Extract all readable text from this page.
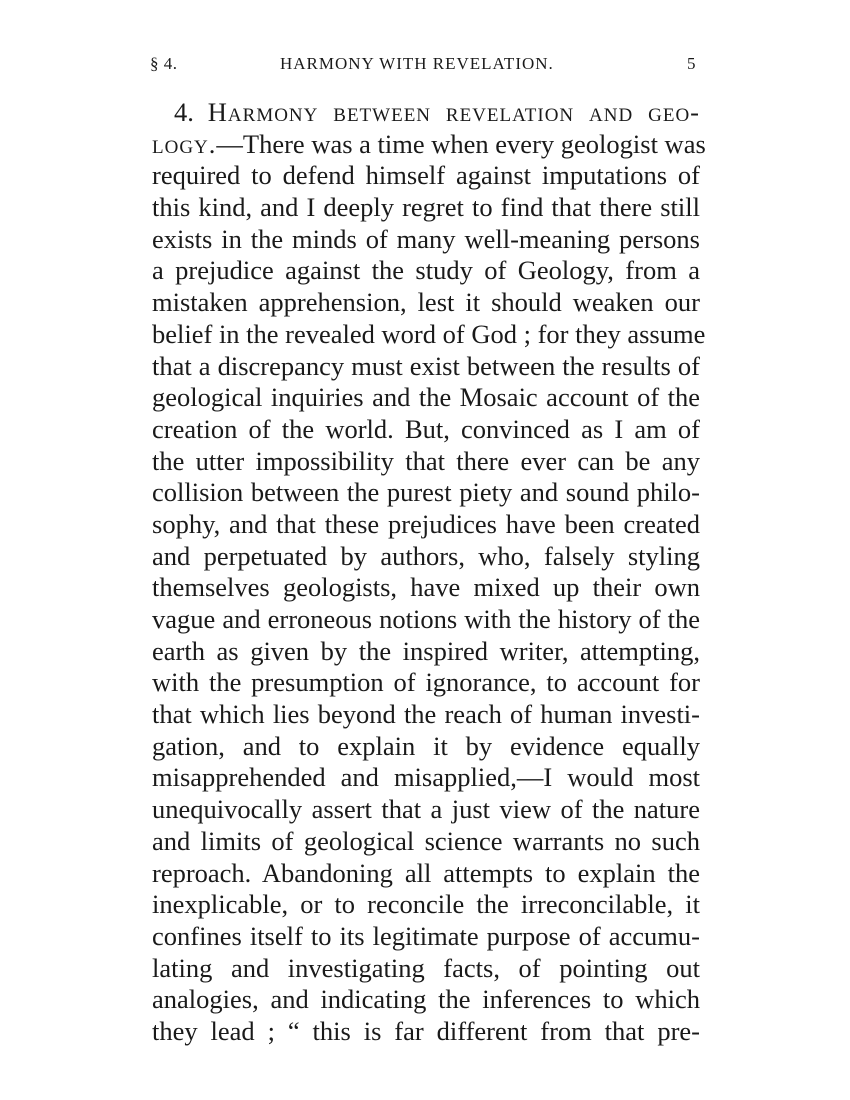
§ 4.	HARMONY WITH REVELATION.	5
4. Harmony between revelation and geo-
logy.—There was a time when every geologist was
required to defend himself against imputations of
this kind, and I deeply regret to find that there still
exists in the minds of many well-meaning persons
a prejudice against the study of Geology, from a
mistaken apprehension, lest it should weaken our
belief in the revealed word of God ; for they assume
that a discrepancy must exist between the results of
geological inquiries and the Mosaic account of the
creation of the world. But, convinced as I am of
the utter impossibility that there ever can be any
collision between the purest piety and sound philo-
sophy, and that these prejudices have been created
and perpetuated by authors, who, falsely styling
themselves geologists, have mixed up their own
vague and erroneous notions with the history of the
earth as given by the inspired writer, attempting,
with the presumption of ignorance, to account for
that which lies beyond the reach of human investi-
gation, and to explain it by evidence equally
misapprehended and misapplied,—I would most
unequivocally assert that a just view of the nature
and limits of geological science warrants no such
reproach. Abandoning all attempts to explain the
inexplicable, or to reconcile the irreconcilable, it
confines itself to its legitimate purpose of accumu-
lating and investigating facts, of pointing out
analogies, and indicating the inferences to which
they lead ; “ this is far different from that pre-
